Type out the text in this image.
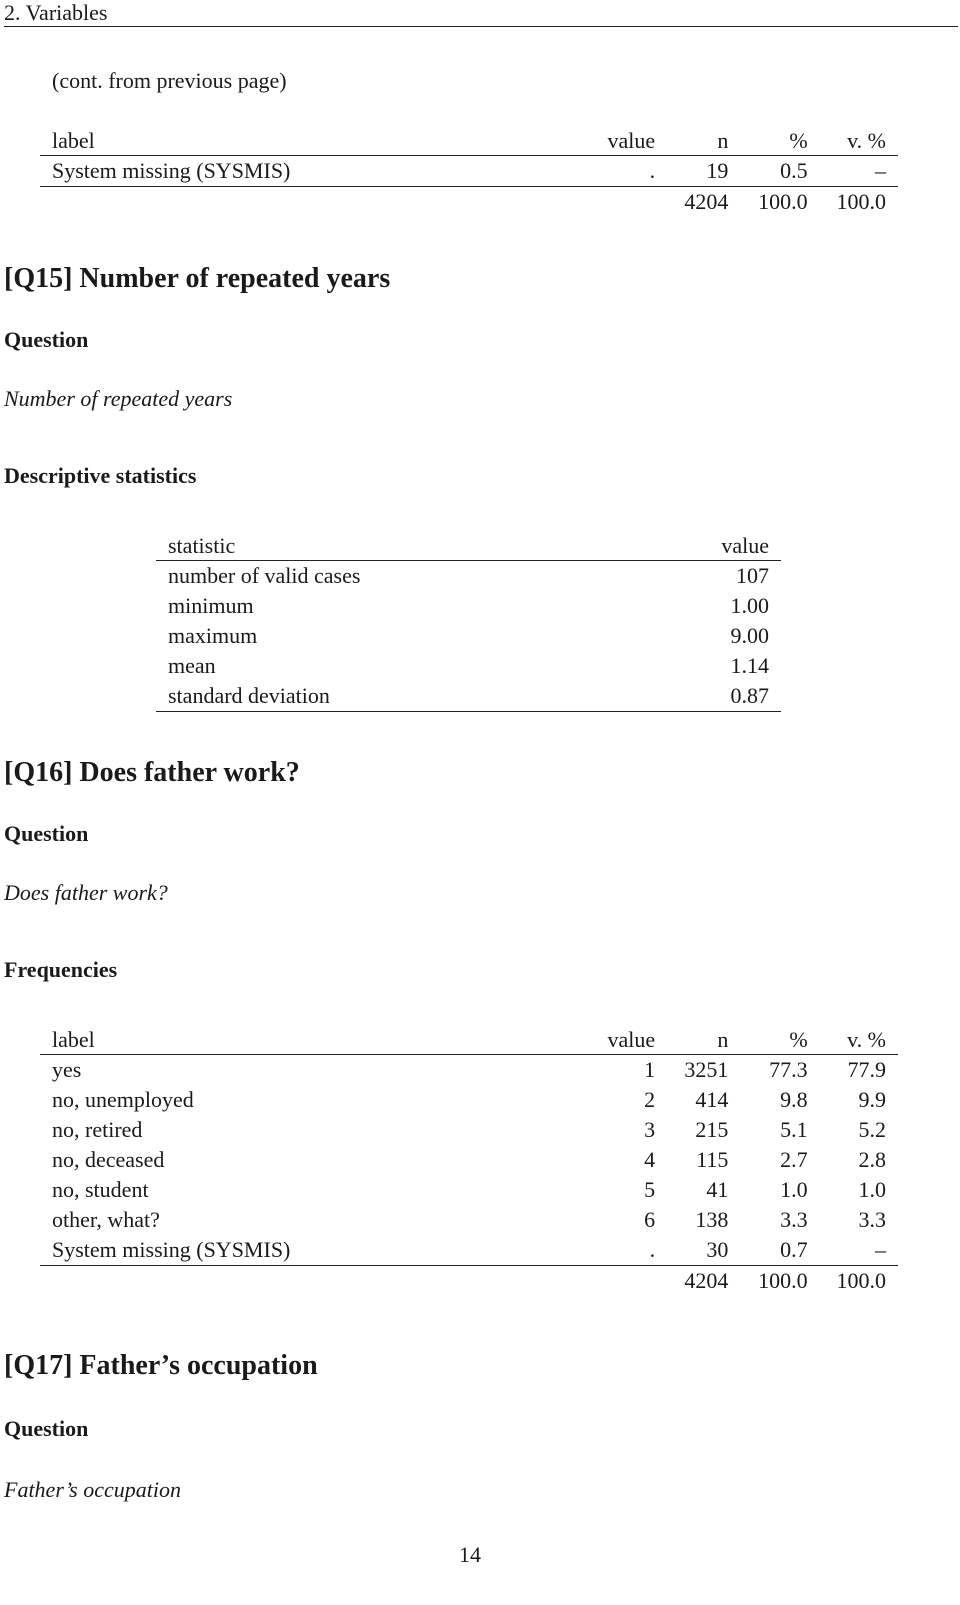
2. Variables
(cont. from previous page)
label	value	n	%	v. %
System missing (SYSMIS)	.	19	0.5	–
		4204	100.0	100.0
[Q15] Number of repeated years
Question
Number of repeated years
Descriptive statistics
statistic	value
number of valid cases	107
minimum	1.00
maximum	9.00
mean	1.14
standard deviation	0.87
[Q16] Does father work?
Question
Does father work?
Frequencies
label	value	n	%	v. %
yes	1	3251	77.3	77.9
no, unemployed	2	414	9.8	9.9
no, retired	3	215	5.1	5.2
no, deceased	4	115	2.7	2.8
no, student	5	41	1.0	1.0
other, what?	6	138	3.3	3.3
System missing (SYSMIS)	.	30	0.7	–
		4204	100.0	100.0
[Q17] Father’s occupation
Question
Father’s occupation
14
